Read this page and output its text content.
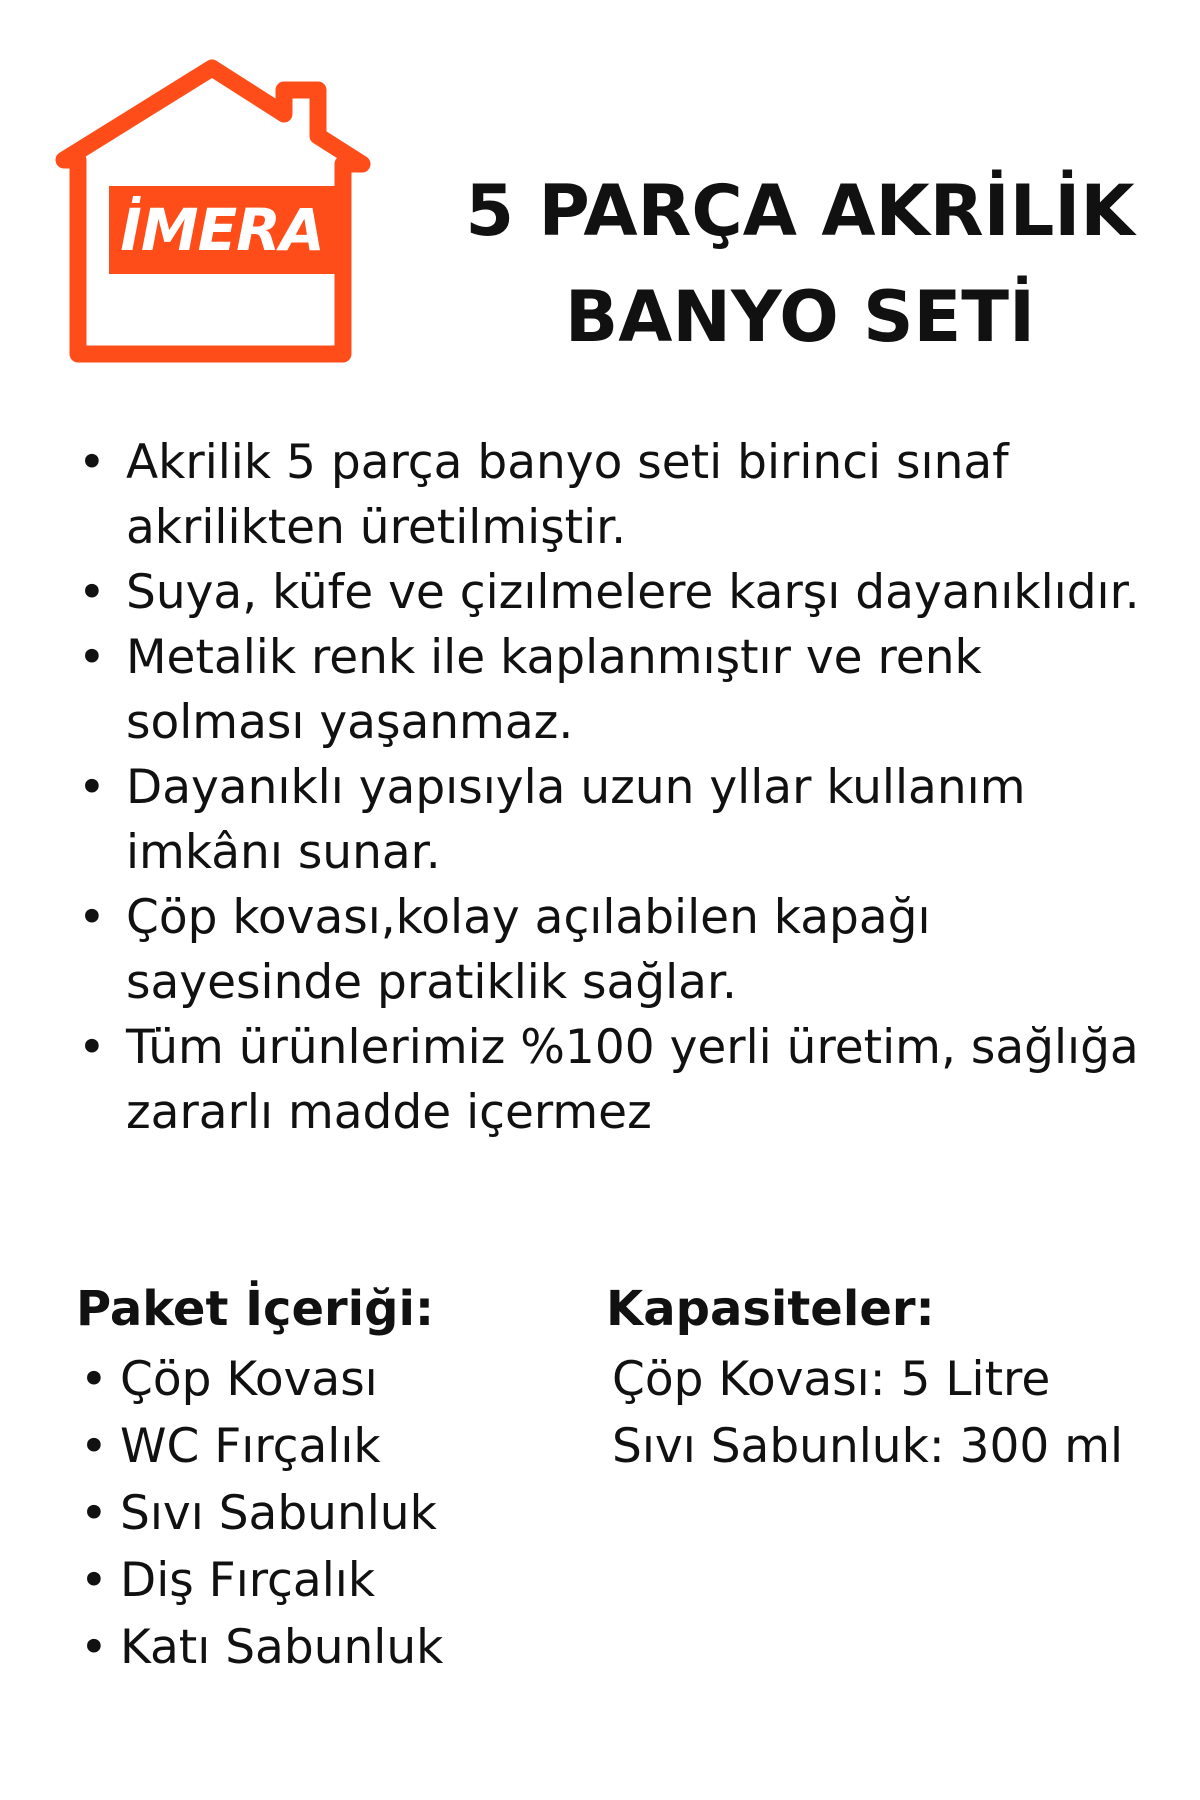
İMERA	5 PARÇA AKRİLİK
BANYO SETİ
• Akrilik 5 parça banyo seti birinci sınaf akrilikten üretilmiştir.
• Suya, küfe ve çizılmelere karşı dayanıklıdır.
• Metalik renk ile kaplanmıştır ve renk solması yaşanmaz.
• Dayanıklı yapısıyla uzun yllar kullanım imkânı sunar.
• Çöp kovası,kolay açılabilen kapağı sayesinde pratiklik sağlar.
• Tüm ürünlerimiz %100 yerli üretim, sağlığa zararlı madde içermez
Paket İçeriği:
• Çöp Kovası
• WC Fırçalık
• Sıvı Sabunluk
• Diş Fırçalık
• Katı Sabunluk
Kapasiteler:
Çöp Kovası: 5 Litre
Sıvı Sabunluk: 300 ml
